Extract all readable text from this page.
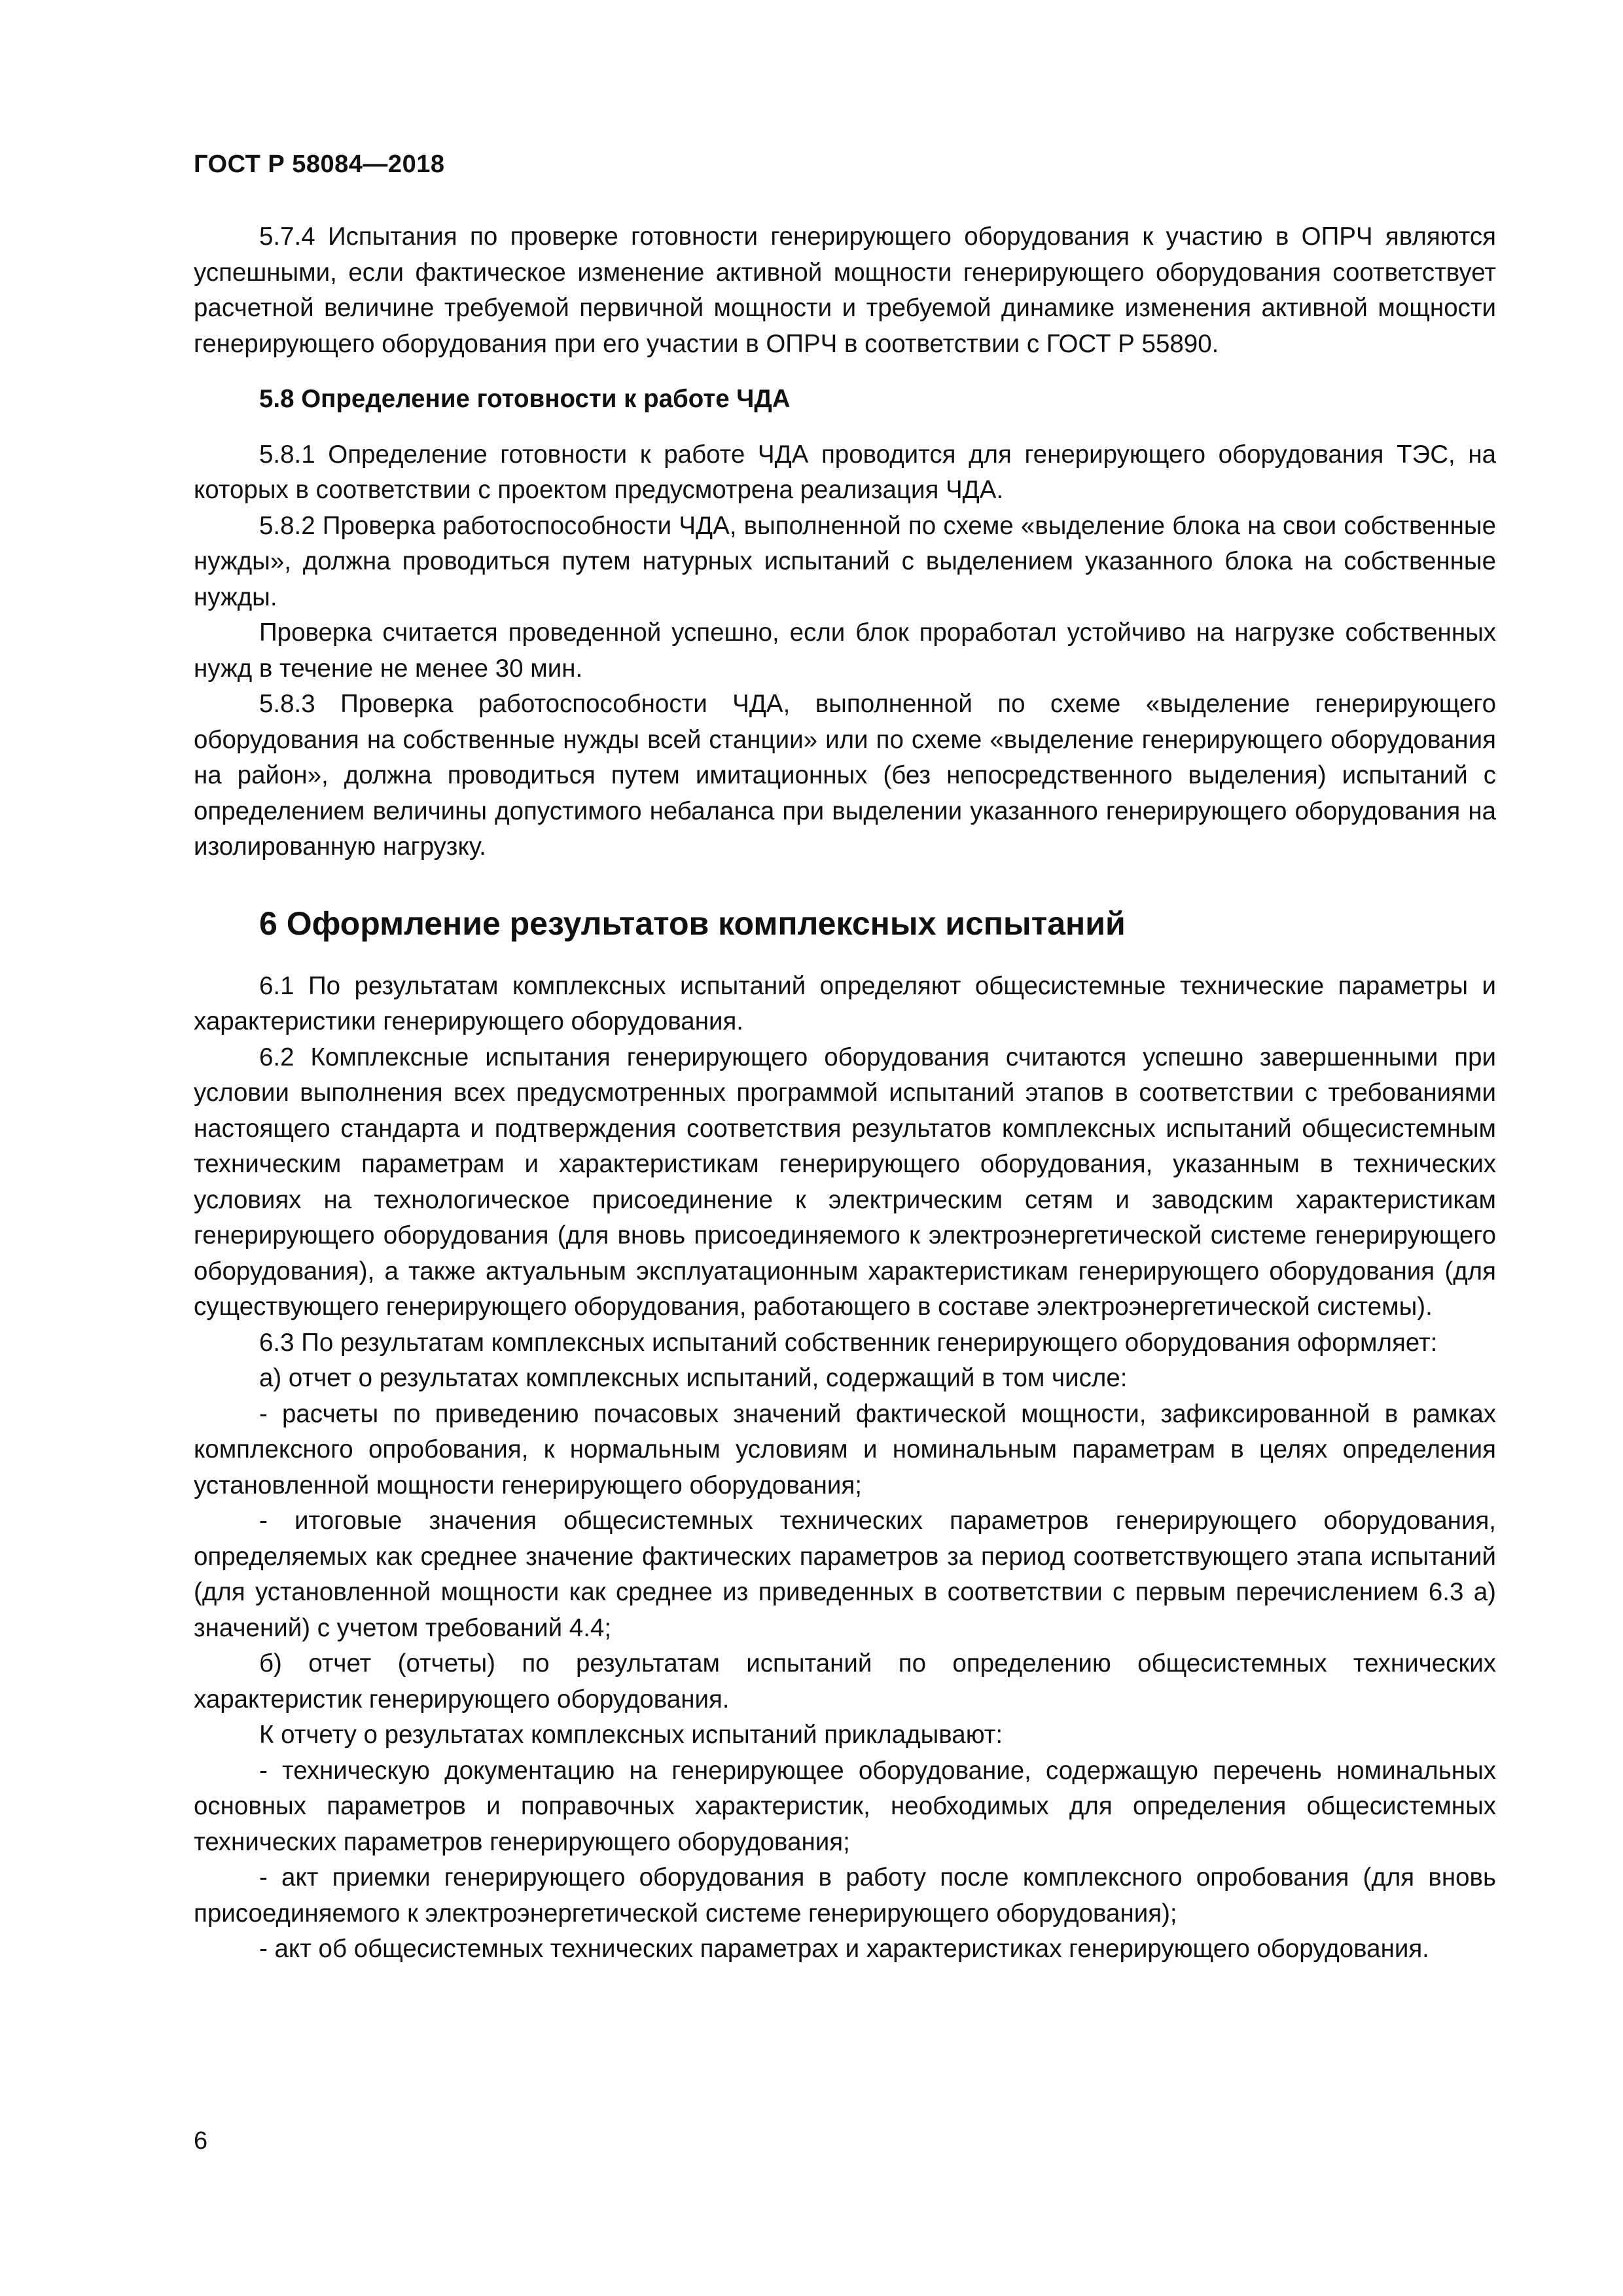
ГОСТ Р 58084—2018

5.7.4 Испытания по проверке готовности генерирующего оборудования к участию в ОПРЧ являются успешными, если фактическое изменение активной мощности генерирующего оборудования соответствует расчетной величине требуемой первичной мощности и требуемой динамике изменения активной мощности генерирующего оборудования при его участии в ОПРЧ в соответствии с ГОСТ Р 55890.

5.8 Определение готовности к работе ЧДА

5.8.1 Определение готовности к работе ЧДА проводится для генерирующего оборудования ТЭС, на которых в соответствии с проектом предусмотрена реализация ЧДА.

5.8.2 Проверка работоспособности ЧДА, выполненной по схеме «выделение блока на свои собственные нужды», должна проводиться путем натурных испытаний с выделением указанного блока на собственные нужды.

Проверка считается проведенной успешно, если блок проработал устойчиво на нагрузке собственных нужд в течение не менее 30 мин.

5.8.3 Проверка работоспособности ЧДА, выполненной по схеме «выделение генерирующего оборудования на собственные нужды всей станции» или по схеме «выделение генерирующего оборудования на район», должна проводиться путем имитационных (без непосредственного выделения) испытаний с определением величины допустимого небаланса при выделении указанного генерирующего оборудования на изолированную нагрузку.

6 Оформление результатов комплексных испытаний

6.1 По результатам комплексных испытаний определяют общесистемные технические параметры и характеристики генерирующего оборудования.

6.2 Комплексные испытания генерирующего оборудования считаются успешно завершенными при условии выполнения всех предусмотренных программой испытаний этапов в соответствии с требованиями настоящего стандарта и подтверждения соответствия результатов комплексных испытаний общесистемным техническим параметрам и характеристикам генерирующего оборудования, указанным в технических условиях на технологическое присоединение к электрическим сетям и заводским характеристикам генерирующего оборудования (для вновь присоединяемого к электроэнергетической системе генерирующего оборудования), а также актуальным эксплуатационным характеристикам генерирующего оборудования (для существующего генерирующего оборудования, работающего в составе электроэнергетической системы).

6.3 По результатам комплексных испытаний собственник генерирующего оборудования оформляет:

а) отчет о результатах комплексных испытаний, содержащий в том числе:

- расчеты по приведению почасовых значений фактической мощности, зафиксированной в рамках комплексного опробования, к нормальным условиям и номинальным параметрам в целях определения установленной мощности генерирующего оборудования;

- итоговые значения общесистемных технических параметров генерирующего оборудования, определяемых как среднее значение фактических параметров за период соответствующего этапа испытаний (для установленной мощности как среднее из приведенных в соответствии с первым перечислением 6.3 а) значений) с учетом требований 4.4;

б) отчет (отчеты) по результатам испытаний по определению общесистемных технических характеристик генерирующего оборудования.

К отчету о результатах комплексных испытаний прикладывают:

- техническую документацию на генерирующее оборудование, содержащую перечень номинальных основных параметров и поправочных характеристик, необходимых для определения общесистемных технических параметров генерирующего оборудования;

- акт приемки генерирующего оборудования в работу после комплексного опробования (для вновь присоединяемого к электроэнергетической системе генерирующего оборудования);

- акт об общесистемных технических параметрах и характеристиках генерирующего оборудования.

6
